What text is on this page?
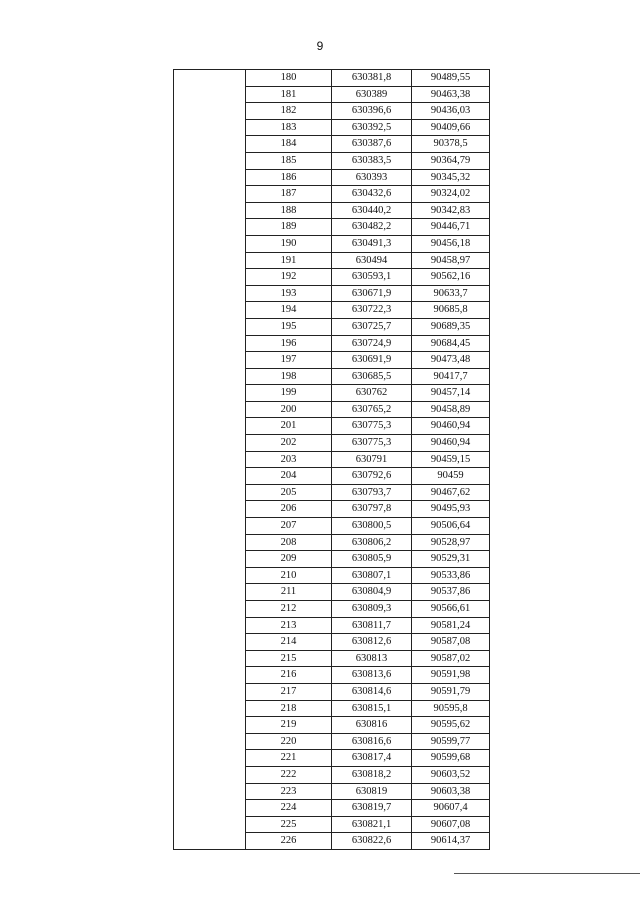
9
	180	630381,8	90489,55
	181	630389	90463,38
	182	630396,6	90436,03
	183	630392,5	90409,66
	184	630387,6	90378,5
	185	630383,5	90364,79
	186	630393	90345,32
	187	630432,6	90324,02
	188	630440,2	90342,83
	189	630482,2	90446,71
	190	630491,3	90456,18
	191	630494	90458,97
	192	630593,1	90562,16
	193	630671,9	90633,7
	194	630722,3	90685,8
	195	630725,7	90689,35
	196	630724,9	90684,45
	197	630691,9	90473,48
	198	630685,5	90417,7
	199	630762	90457,14
	200	630765,2	90458,89
	201	630775,3	90460,94
	202	630775,3	90460,94
	203	630791	90459,15
	204	630792,6	90459
	205	630793,7	90467,62
	206	630797,8	90495,93
	207	630800,5	90506,64
	208	630806,2	90528,97
	209	630805,9	90529,31
	210	630807,1	90533,86
	211	630804,9	90537,86
	212	630809,3	90566,61
	213	630811,7	90581,24
	214	630812,6	90587,08
	215	630813	90587,02
	216	630813,6	90591,98
	217	630814,6	90591,79
	218	630815,1	90595,8
	219	630816	90595,62
	220	630816,6	90599,77
	221	630817,4	90599,68
	222	630818,2	90603,52
	223	630819	90603,38
	224	630819,7	90607,4
	225	630821,1	90607,08
	226	630822,6	90614,37
